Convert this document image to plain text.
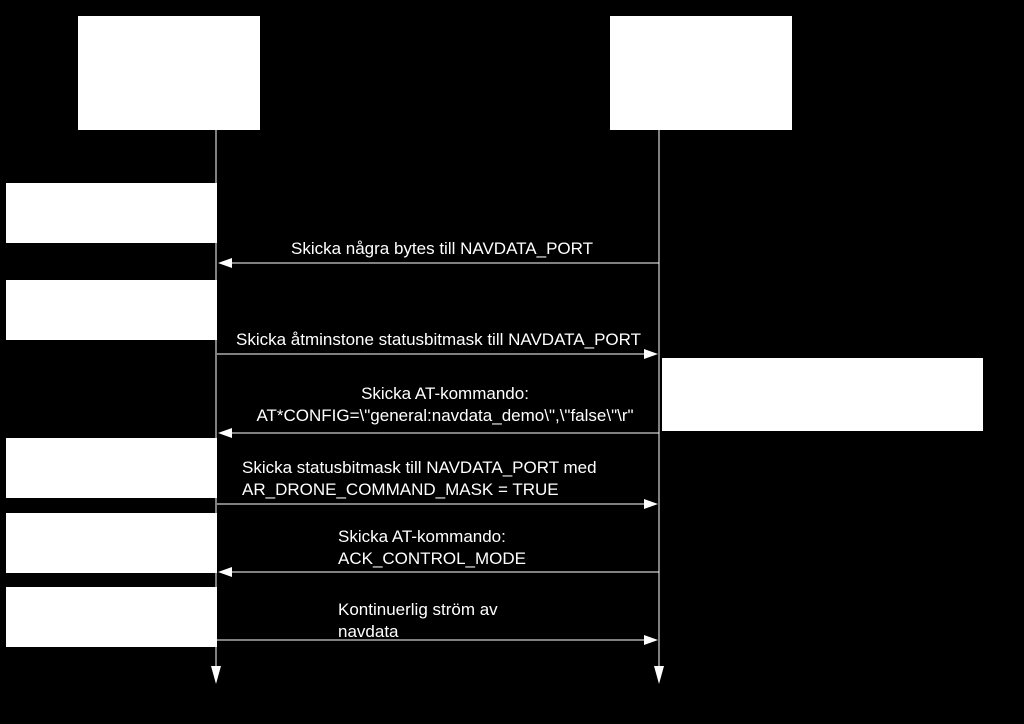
Skicka några bytes till NAVDATA_PORT
Skicka åtminstone statusbitmask till NAVDATA_PORT
Skicka AT-kommando:
AT*CONFIG=\"general:navdata_demo\",\"false\"\r"
Skicka statusbitmask till NAVDATA_PORT med
AR_DRONE_COMMAND_MASK = TRUE
Skicka AT-kommando:
ACK_CONTROL_MODE
Kontinuerlig ström av
navdata
